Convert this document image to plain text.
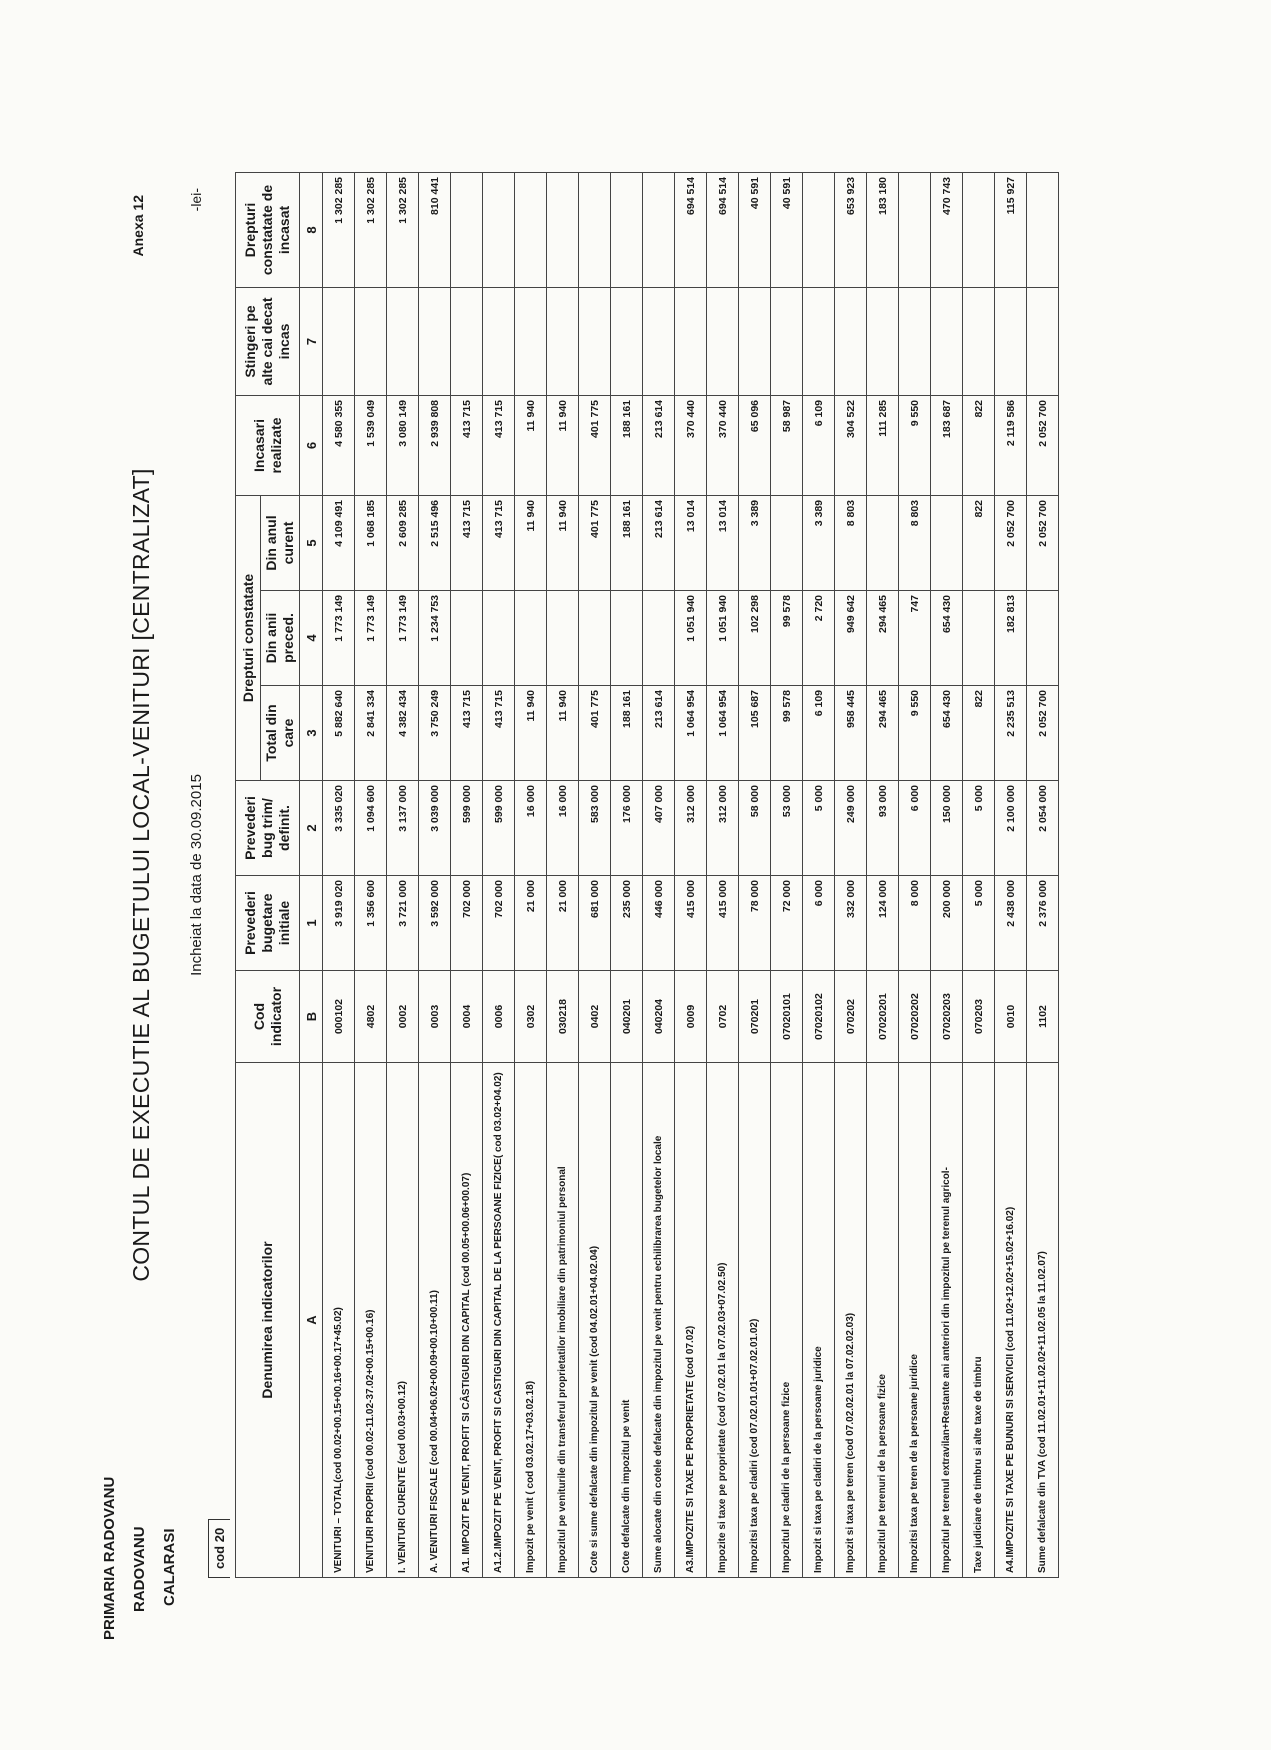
PRIMARIA RADOVANU RADOVANU CALARASI
Anexa 12
CONTUL DE EXECUTIE AL BUGETULUI LOCAL-VENITURI [CENTRALIZAT] Incheiat la data de 30.09.2015
-lei-
cod 20
Denumirea indicatorilor	Cod indicator	Prevederi bugetare initiale	Prevederi bug trim/ definit.	Drepturi constatate			Incasari realizate	Stingeri pe alte cai decat incas	Drepturi constatate de incasat
				Total din care	Din anii preced.	Din anul curent			
A	B	1	2	3	4	5	6	7	8
VENITURI – TOTAL(cod 00.02+00.15+00.16+00.17+45.02)	000102	3 919 020	3 335 020	5 882 640	1 773 149	4 109 491	4 580 355		1 302 285
VENITURI PROPRII (cod 00.02-11.02-37.02+00.15+00.16)	4802	1 356 600	1 094 600	2 841 334	1 773 149	1 068 185	1 539 049		1 302 285
I. VENITURI CURENTE (cod 00.03+00.12)	0002	3 721 000	3 137 000	4 382 434	1 773 149	2 609 285	3 080 149		1 302 285
A. VENITURI FISCALE (cod 00.04+06.02+00.09+00.10+00.11)	0003	3 592 000	3 039 000	3 750 249	1 234 753	2 515 496	2 939 808		810 441
A1. IMPOZIT PE VENIT, PROFIT SI CÂSTIGURI DIN CAPITAL (cod 00.05+00.06+00.07)	0004	702 000	599 000	413 715		413 715	413 715		
A1.2.IMPOZIT PE VENIT, PROFIT SI CASTIGURI DIN CAPITAL DE LA PERSOANE FIZICE( cod 03.02+04.02)	0006	702 000	599 000	413 715		413 715	413 715		
Impozit pe venit ( cod 03.02.17+03.02.18)	0302	21 000	16 000	11 940		11 940	11 940		
Impozitul pe veniturile din transferul proprietatilor imobiliare din patrimoniul personal	030218	21 000	16 000	11 940		11 940	11 940		
Cote si sume defalcate din impozitul pe venit (cod 04.02.01+04.02.04)	0402	681 000	583 000	401 775		401 775	401 775		
Cote defalcate din impozitul pe venit	040201	235 000	176 000	188 161		188 161	188 161		
Sume alocate din cotele defalcate din impozitul pe venit pentru echilibrarea bugetelor locale	040204	446 000	407 000	213 614		213 614	213 614		
A3.IMPOZITE SI TAXE PE PROPRIETATE (cod 07.02)	0009	415 000	312 000	1 064 954	1 051 940	13 014	370 440		694 514
Impozite si taxe pe proprietate (cod 07.02.01 la 07.02.03+07.02.50)	0702	415 000	312 000	1 064 954	1 051 940	13 014	370 440		694 514
Impozitsi taxa pe cladiri (cod 07.02.01.01+07.02.01.02)	070201	78 000	58 000	105 687	102 298	3 389	65 096		40 591
Impozitul pe cladiri de la persoane fizice	07020101	72 000	53 000	99 578	99 578		58 987		40 591
Impozit si taxa pe cladiri de la persoane juridice	07020102	6 000	5 000	6 109	2 720	3 389	6 109		
Impozit si taxa pe teren (cod 07.02.02.01 la 07.02.02.03)	070202	332 000	249 000	958 445	949 642	8 803	304 522		653 923
Impozitul pe terenuri de la persoane fizice	07020201	124 000	93 000	294 465	294 465		111 285		183 180
Impozitsi taxa pe teren de la persoane juridice	07020202	8 000	6 000	9 550	747	8 803	9 550		
Impozitul pe terenul extravilan+Restante ani anteriori din impozitul pe terenul agricol-	07020203	200 000	150 000	654 430	654 430		183 687		470 743
Taxe judiciare de timbru si alte taxe de timbru	070203	5 000	5 000	822		822	822		
A4.IMPOZITE SI TAXE PE BUNURI SI SERVICII (cod 11.02+12.02+15.02+16.02)	0010	2 438 000	2 100 000	2 235 513	182 813	2 052 700	2 119 586		115 927
Sume defalcate din TVA (cod 11.02.01+11.02.02+11.02.05 la 11.02.07)	1102	2 376 000	2 054 000	2 052 700		2 052 700	2 052 700		
